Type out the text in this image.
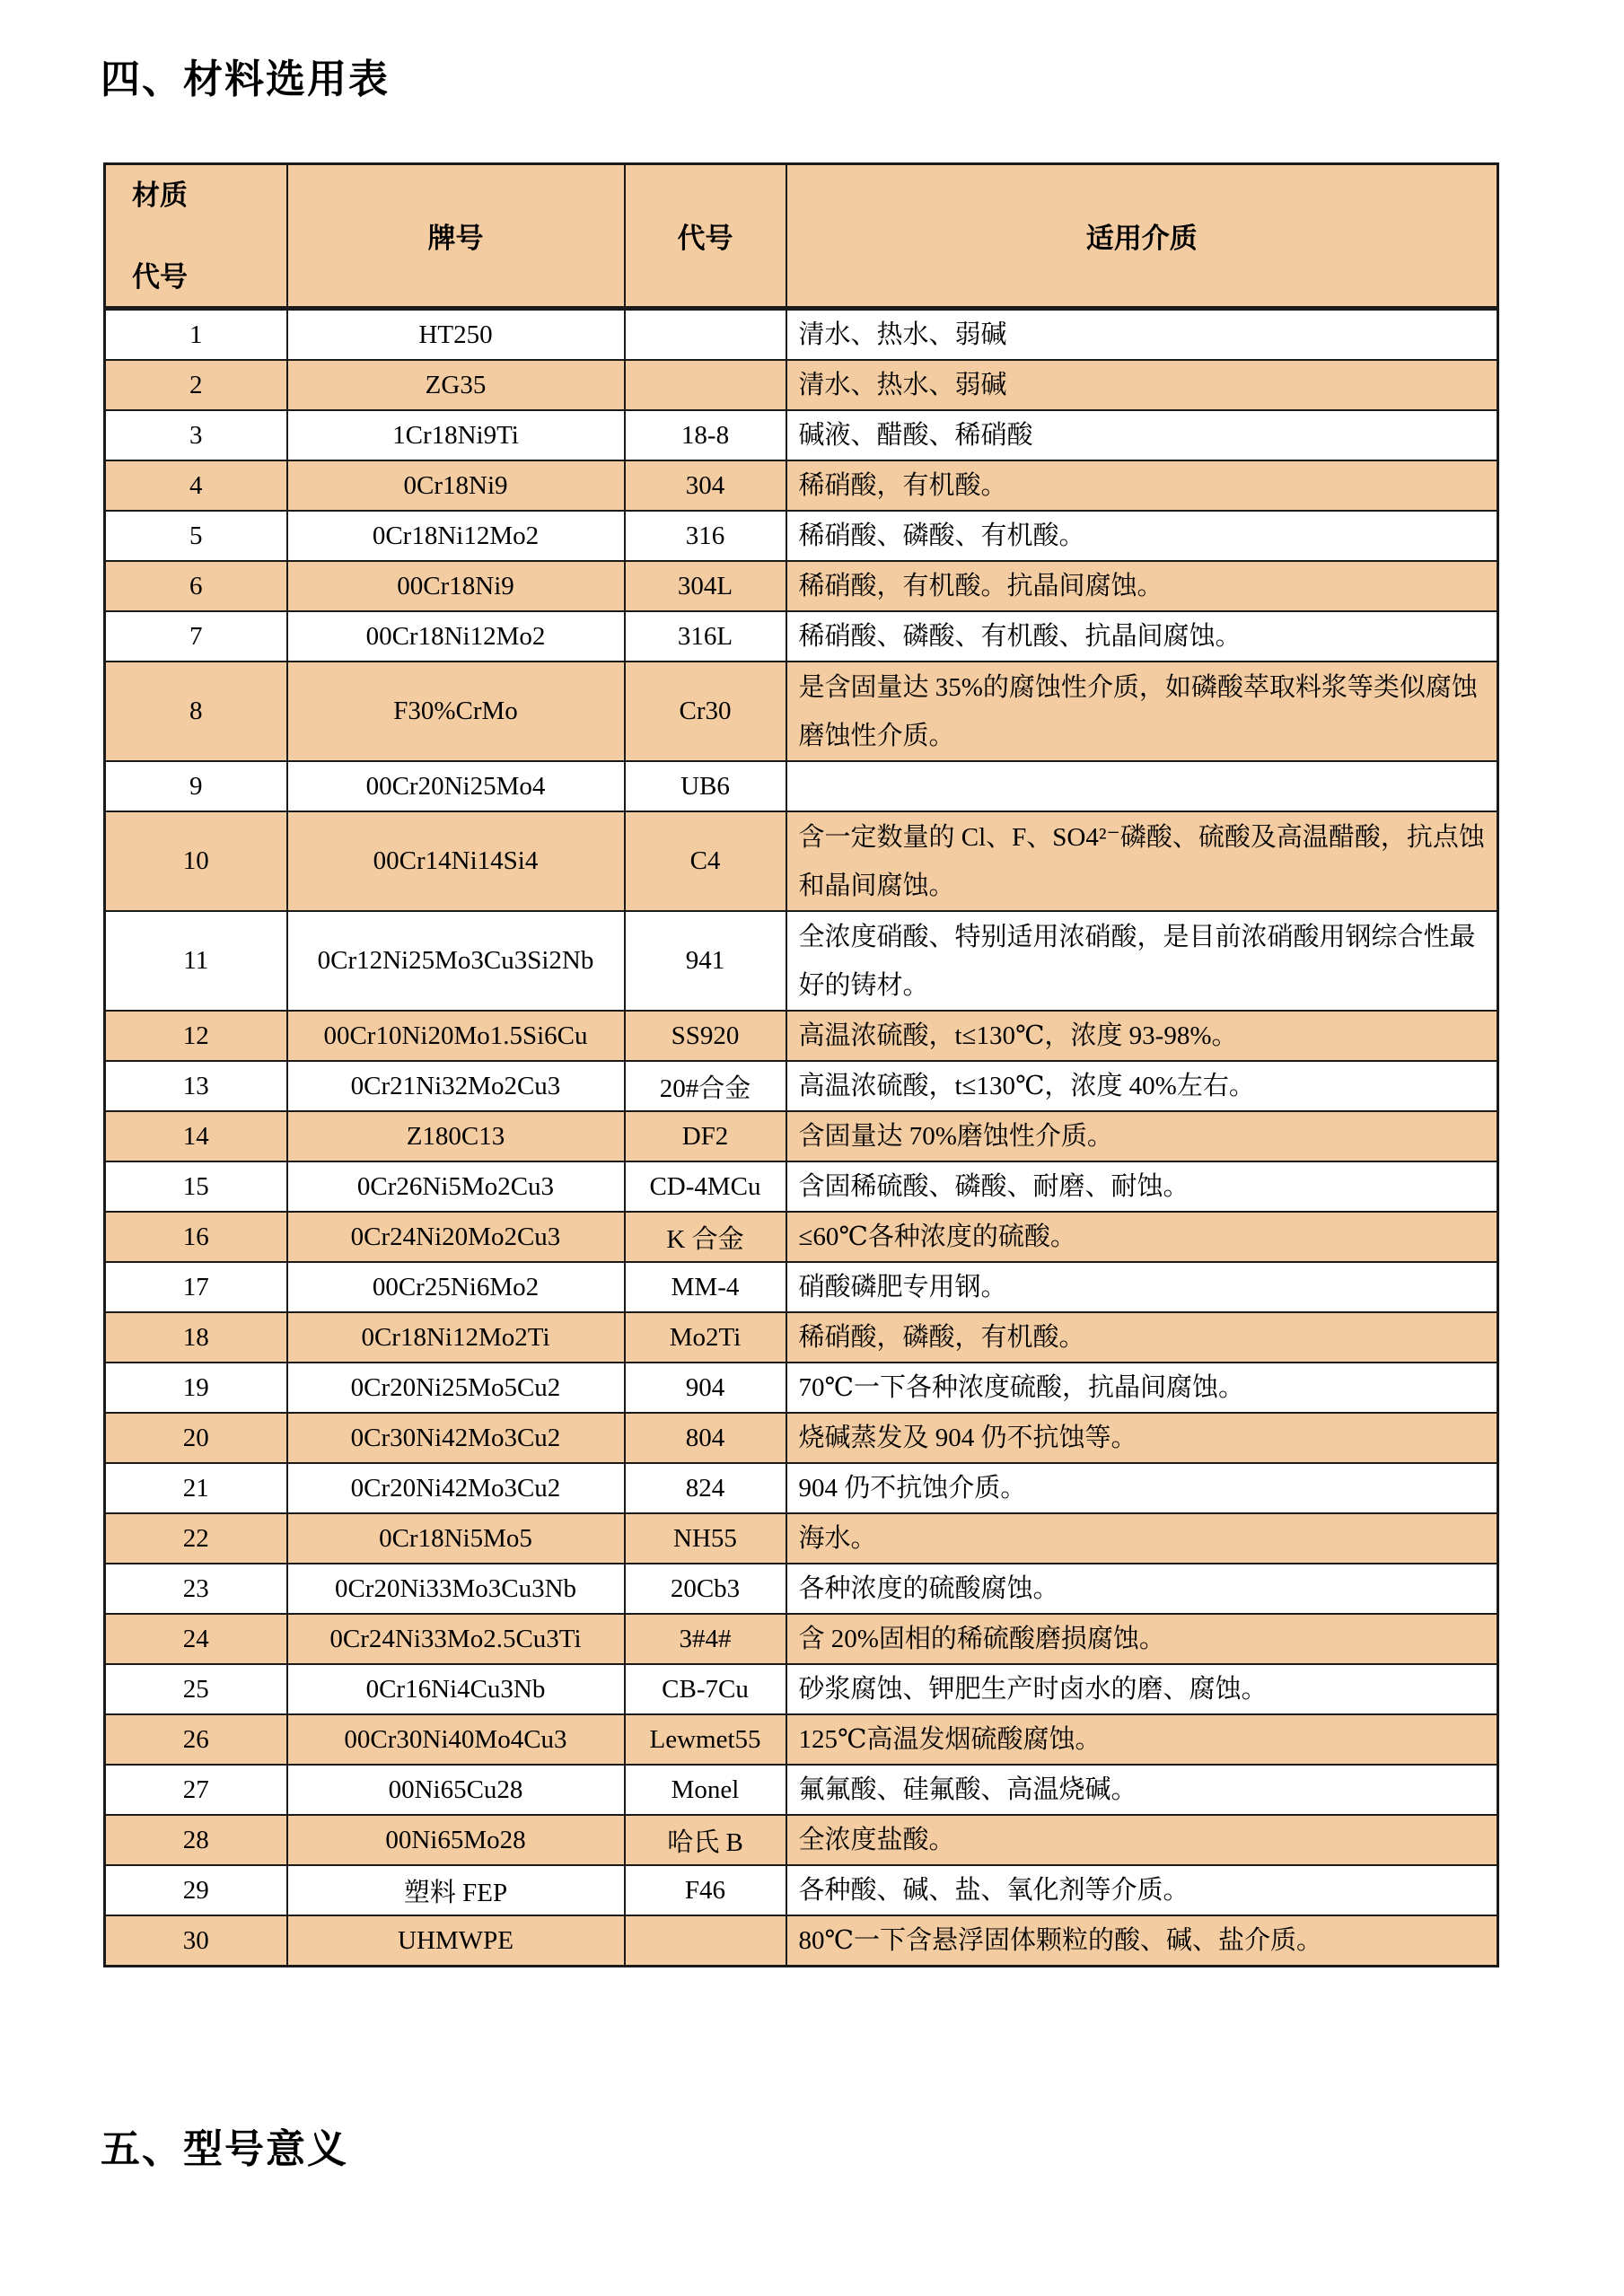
四、材料选用表
材质
代号	牌号	代号	适用介质
1	HT250		清水、热水、弱碱
2	ZG35		清水、热水、弱碱
3	1Cr18Ni9Ti	18-8	碱液、醋酸、稀硝酸
4	0Cr18Ni9	304	稀硝酸，有机酸。
5	0Cr18Ni12Mo2	316	稀硝酸、磷酸、有机酸。
6	00Cr18Ni9	304L	稀硝酸，有机酸。抗晶间腐蚀。
7	00Cr18Ni12Mo2	316L	稀硝酸、磷酸、有机酸、抗晶间腐蚀。
8	F30%CrMo	Cr30	是含固量达 35%的腐蚀性介质，如磷酸萃取料浆等类似腐蚀磨蚀性介质。
9	00Cr20Ni25Mo4	UB6	
10	00Cr14Ni14Si4	C4	含一定数量的 Cl、F、SO4²⁻磷酸、硫酸及高温醋酸，抗点蚀和晶间腐蚀。
11	0Cr12Ni25Mo3Cu3Si2Nb	941	全浓度硝酸、特别适用浓硝酸，是目前浓硝酸用钢综合性最好的铸材。
12	00Cr10Ni20Mo1.5Si6Cu	SS920	高温浓硫酸，t≤130℃，浓度 93-98%。
13	0Cr21Ni32Mo2Cu3	20#合金	高温浓硫酸，t≤130℃，浓度 40%左右。
14	Z180C13	DF2	含固量达 70%磨蚀性介质。
15	0Cr26Ni5Mo2Cu3	CD-4MCu	含固稀硫酸、磷酸、耐磨、耐蚀。
16	0Cr24Ni20Mo2Cu3	K 合金	≤60℃各种浓度的硫酸。
17	00Cr25Ni6Mo2	MM-4	硝酸磷肥专用钢。
18	0Cr18Ni12Mo2Ti	Mo2Ti	稀硝酸，磷酸，有机酸。
19	0Cr20Ni25Mo5Cu2	904	70℃一下各种浓度硫酸，抗晶间腐蚀。
20	0Cr30Ni42Mo3Cu2	804	烧碱蒸发及 904 仍不抗蚀等。
21	0Cr20Ni42Mo3Cu2	824	904 仍不抗蚀介质。
22	0Cr18Ni5Mo5	NH55	海水。
23	0Cr20Ni33Mo3Cu3Nb	20Cb3	各种浓度的硫酸腐蚀。
24	0Cr24Ni33Mo2.5Cu3Ti	3#4#	含 20%固相的稀硫酸磨损腐蚀。
25	0Cr16Ni4Cu3Nb	CB-7Cu	砂浆腐蚀、钾肥生产时卤水的磨、腐蚀。
26	00Cr30Ni40Mo4Cu3	Lewmet55	125℃高温发烟硫酸腐蚀。
27	00Ni65Cu28	Monel	氟氟酸、硅氟酸、高温烧碱。
28	00Ni65Mo28	哈氏 B	全浓度盐酸。
29	塑料 FEP	F46	各种酸、碱、盐、氧化剂等介质。
30	UHMWPE		80℃一下含悬浮固体颗粒的酸、碱、盐介质。
五、型号意义
